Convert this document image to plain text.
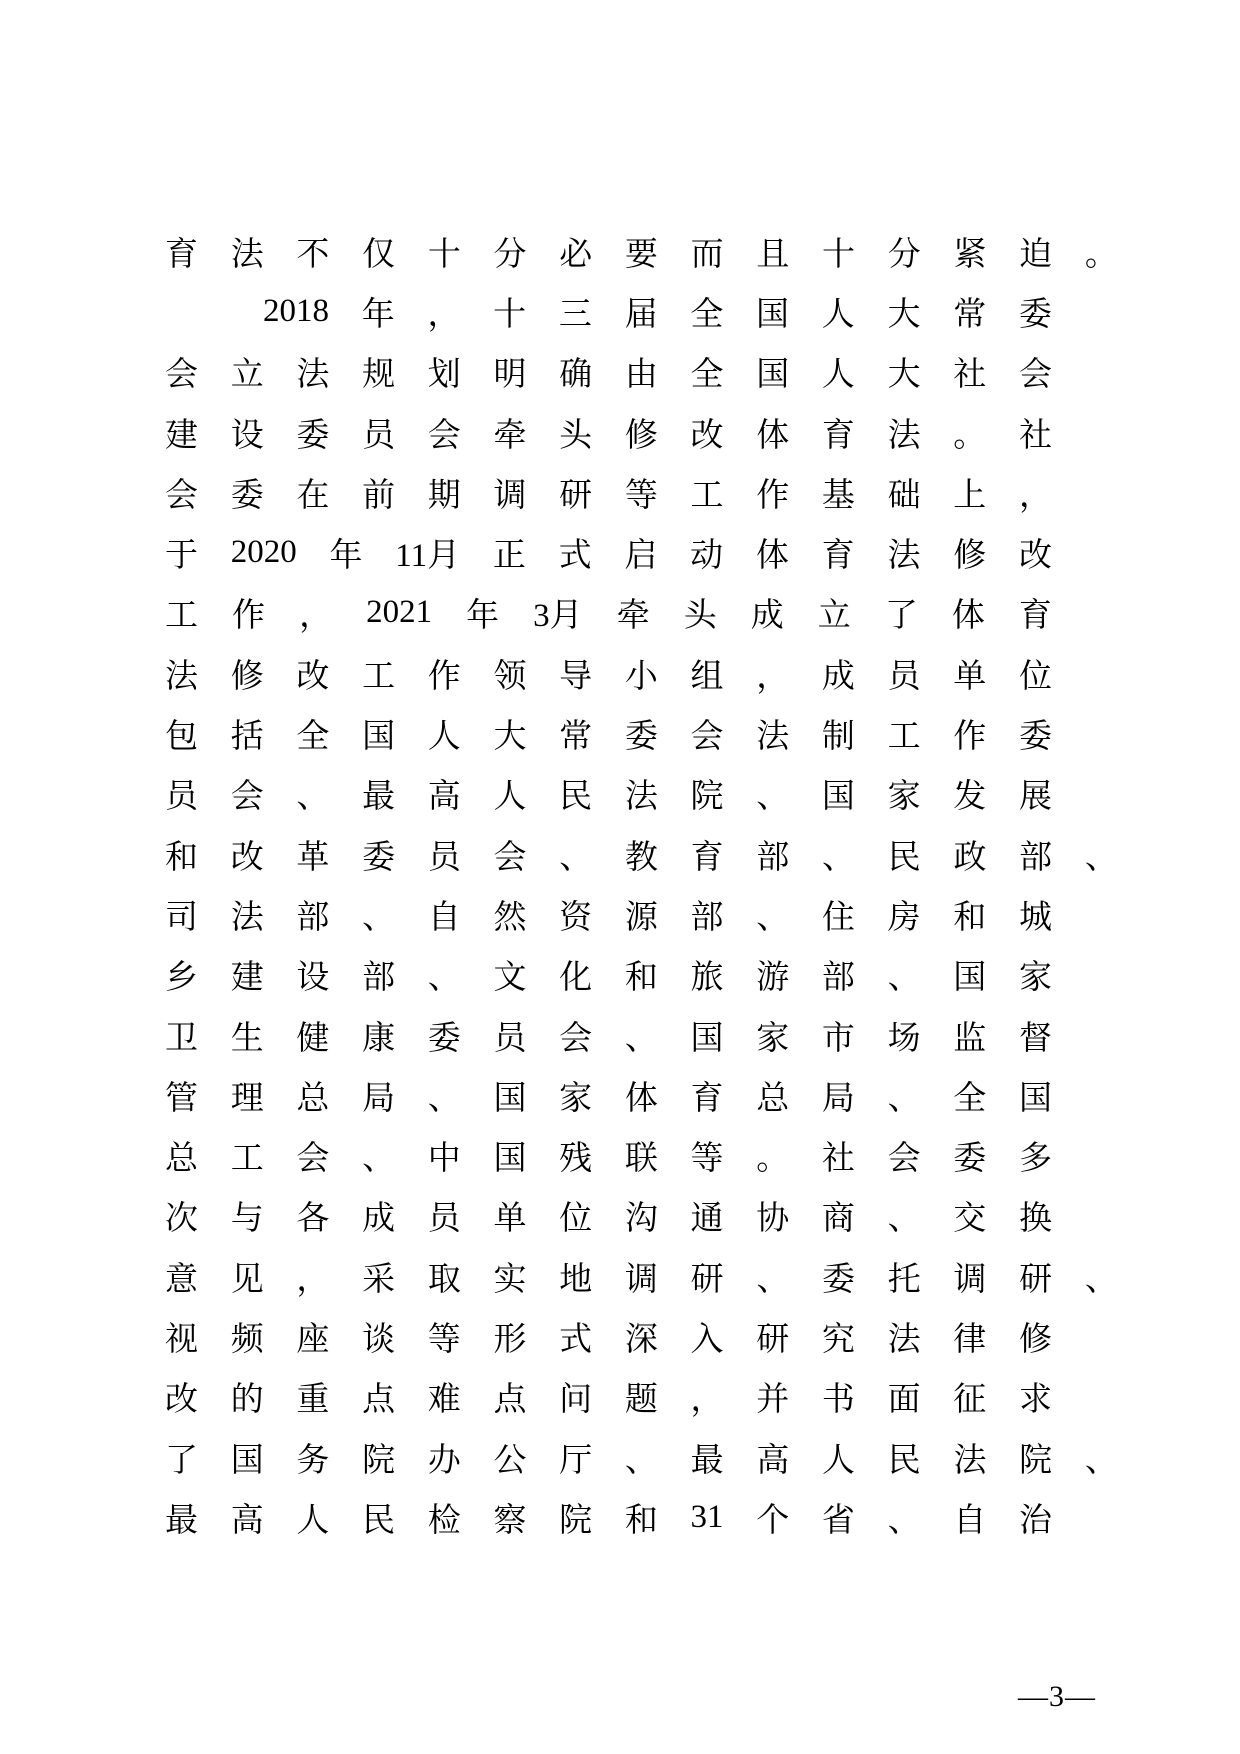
育 法 不 仅 十 分 必 要 而 且 十 分 紧 迫 。
2018 年 ， 十 三 届 全 国 人 大 常 委
会 立 法 规 划 明 确 由 全 国 人 大 社 会
建 设 委 员 会 牵 头 修 改 体 育 法 。 社
会 委 在 前 期 调 研 等 工 作 基 础 上 ，
于 2020 年 11月 正 式 启 动 体 育 法 修 改
工 作 ， 2021 年 3月 牵 头 成 立 了 体 育
法 修 改 工 作 领 导 小 组 ， 成 员 单 位
包 括 全 国 人 大 常 委 会 法 制 工 作 委
员 会 、 最 高 人 民 法 院 、 国 家 发 展
和 改 革 委 员 会 、 教 育 部 、 民 政 部 、
司 法 部 、 自 然 资 源 部 、 住 房 和 城
乡 建 设 部 、 文 化 和 旅 游 部 、 国 家
卫 生 健 康 委 员 会 、 国 家 市 场 监 督
管 理 总 局 、 国 家 体 育 总 局 、 全 国
总 工 会 、 中 国 残 联 等 。 社 会 委 多
次 与 各 成 员 单 位 沟 通 协 商 、 交 换
意 见 ， 采 取 实 地 调 研 、 委 托 调 研 、
视 频 座 谈 等 形 式 深 入 研 究 法 律 修
改 的 重 点 难 点 问 题 ， 并 书 面 征 求
了 国 务 院 办 公 厅 、 最 高 人 民 法 院 、
最 高 人 民 检 察 院 和 31 个 省 、 自 治
—3—
